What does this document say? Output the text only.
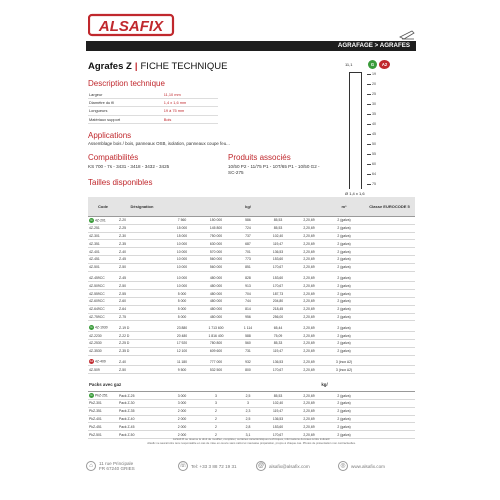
ALSAFIX
AGRAFAGE > AGRAFES
Agrafes Z | FICHE TECHNIQUE
Description technique
Largeur	11,10 mm
Diamètre du fil	1,4 x 1,6 mm
Longueurs	19 à 75 mm
Matériaux support	Bois
Applications
Assemblage bois / bois, panneaux OSB, isolation, panneaux coupe feu...
Compatibilités
KS 700 - 7s - 3431 - 3418 - 3432 - 3425
Produits associés
10/50 P2 - 11/75 P1 - 10T/65 P1 - 10/50 G2 - SC-275
Tailles disponibles
11,1	G	A2
19
20
25
30
35
40
45
50
55
60
64
75
Ø 1,4 x 1,6
Code	Désignation			kg/			m³	Classe EUROCODE 5
G 4Z-201	Z-20	7 560	150 000	586	85,53	2,20,69	2 (galva)	
4Z-251	Z-25	15 000	145 800	724	85,53	2,20,69	2 (galva)	
4Z-301	Z-30	15 000	750 000	737	102,40	2,20,69	2 (galva)	
4Z-351	Z-35	10 000	630 000	687	119,47	2,20,69	2 (galva)	
4Z-401	Z-40	10 000	570 000	701	136,53	2,20,69	2 (galva)	
4Z-451	Z-45	10 000	560 000	773	153,60	2,20,69	2 (galva)	
4Z-501	Z-50	10 000	560 000	851	170,67	2,20,69	2 (galva)	

4Z-459CC	Z-45	10 000	480 000	828	153,60	2,20,69	2 (galva)	
4Z-509CC	Z-50	10 000	480 000	913	170,67	2,20,69	2 (galva)	
4Z-559CC	Z-55	5 000	480 000	704	187,73	2,20,69	2 (galva)	
4Z-609CC	Z-60	5 000	480 000	744	204,80	2,20,69	2 (galva)	
4Z-649CC	Z-64	5 000	480 000	814	218,45	2,20,69	2 (galva)	
4Z-759CC	Z-75	5 000	480 000	956	256,00	2,20,69	2 (galva)	

G 4Z-1930	Z-19 D	23 880	1 713 600	1 114	65,44	2,20,69	2 (galva)	
4Z-2230	Z-22 D	20 480	1 816 400	588	75,09	2,20,69	2 (galva)	
4Z-2530	Z-25 D	17 920	780 800	560	85,33	2,20,69	2 (galva)	
4Z-3530	Z-35 D	12 100	609 600	731	119,47	2,20,69	2 (galva)	

A2 4Z-409	Z-40	11 180	777 000	932	136,53	2,20,69	3 (inox A2)	
4Z-509	Z-50	9 500	532 500	800	170,67	2,20,69	3 (inox A2)	

Packs avec gaz				kg/				
G PkZ-251	Pack Z-25	3 000	3	2,5	85,53	2,20,69	2 (galva)	
PkZ-301	Pack Z-30	3 000	3	3	102,40	2,20,69	2 (galva)	
PkZ-351	Pack Z-35	2 000	2	2,3	119,47	2,20,69	2 (galva)	
PkZ-401	Pack Z-40	2 000	2	2,5	136,53	2,20,69	2 (galva)	
PkZ-451	Pack Z-45	2 000	2	2,8	153,60	2,20,69	2 (galva)	
PkZ-501	Pack Z-50	2 000	2	3,1	170,67	2,20,69	2 (galva)	
ALSAFIX se réserve le droit de modifier, compléter, certaines caractéristiques techniques, informations données à titre indicatif.
Alsafix ne saurait être tenu responsable en cas de mise en œuvre sans calcul et mauvaise préparation, propre à chaque cas. Photos de présentation non contractuelles.
⌂	11 rue Principale
FR 67240 GRIES	☏ Tel: +33 3 88 72 19 31	@	alsafix@alsafix.com	◎	www.alsafix.com
